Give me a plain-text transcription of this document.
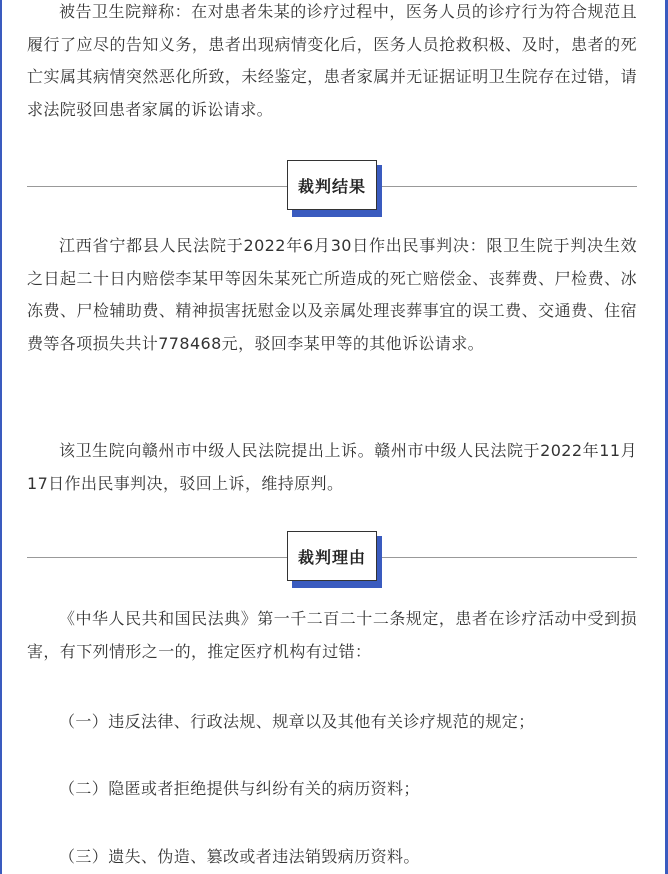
被告卫生院辩称：在对患者朱某的诊疗过程中，医务人员的诊疗行为符合规范且履行了应尽的告知义务，患者出现病情变化后，医务人员抢救积极、及时，患者的死亡实属其病情突然恶化所致，未经鉴定，患者家属并无证据证明卫生院存在过错，请求法院驳回患者家属的诉讼请求。

裁判结果

江西省宁都县人民法院于2022年6月30日作出民事判决：限卫生院于判决生效之日起二十日内赔偿李某甲等因朱某死亡所造成的死亡赔偿金、丧葬费、尸检费、冰冻费、尸检辅助费、精神损害抚慰金以及亲属处理丧葬事宜的误工费、交通费、住宿费等各项损失共计778468元，驳回李某甲等的其他诉讼请求。

该卫生院向赣州市中级人民法院提出上诉。赣州市中级人民法院于2022年11月17日作出民事判决，驳回上诉，维持原判。

裁判理由

《中华人民共和国民法典》第一千二百二十二条规定，患者在诊疗活动中受到损害，有下列情形之一的，推定医疗机构有过错：

（一）违反法律、行政法规、规章以及其他有关诊疗规范的规定；
（二）隐匿或者拒绝提供与纠纷有关的病历资料；
（三）遗失、伪造、篡改或者违法销毁病历资料。
